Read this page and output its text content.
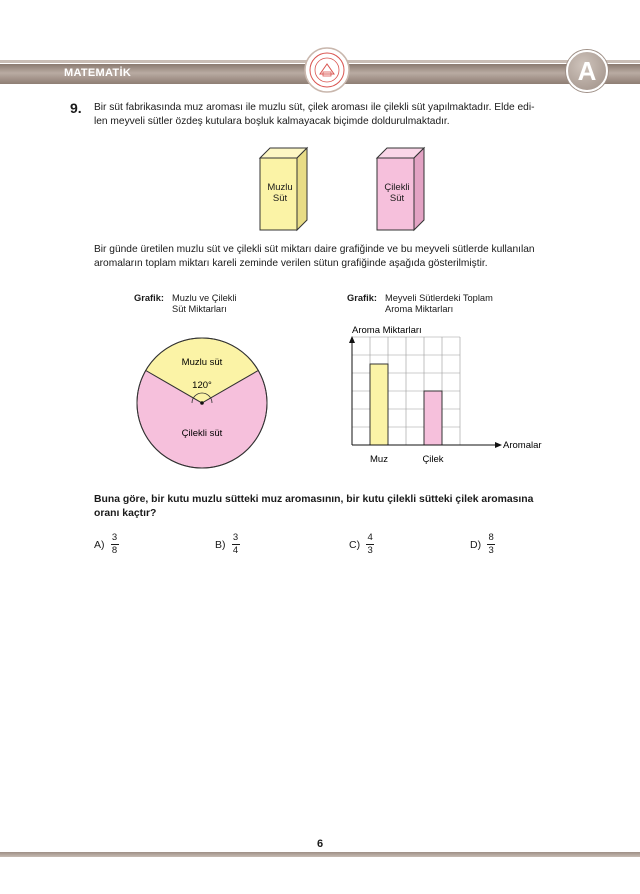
MATEMATİK	A
9. Bir süt fabrikasında muz aroması ile muzlu süt, çilek aroması ile çilekli süt yapılmaktadır. Elde edi-
len meyveli sütler özdeş kutulara boşluk kalmayacak biçimde doldurulmaktadır.
Muzlu
Süt
Çilekli
Süt
Bir günde üretilen muzlu süt ve çilekli süt miktarı daire grafiğinde ve bu meyveli sütlerde kullanılan
aromaların toplam miktarı kareli zeminde verilen sütun grafiğinde aşağıda gösterilmiştir.
Grafik: Muzlu ve Çilekli
Süt Miktarları
120°
Muzlu süt
Çilekli süt
Grafik: Meyveli Sütlerdeki Toplam
Aroma Miktarları
Aroma Miktarları
Aromalar
Muz	Çilek
Buna göre, bir kutu muzlu sütteki muz aromasının, bir kutu çilekli sütteki çilek aromasına
oranı kaçtır?
$A) \frac{3}{8}$	$B) \frac{3}{4}$	$C) \frac{4}{3}$	$D) \frac{8}{3}$
6
